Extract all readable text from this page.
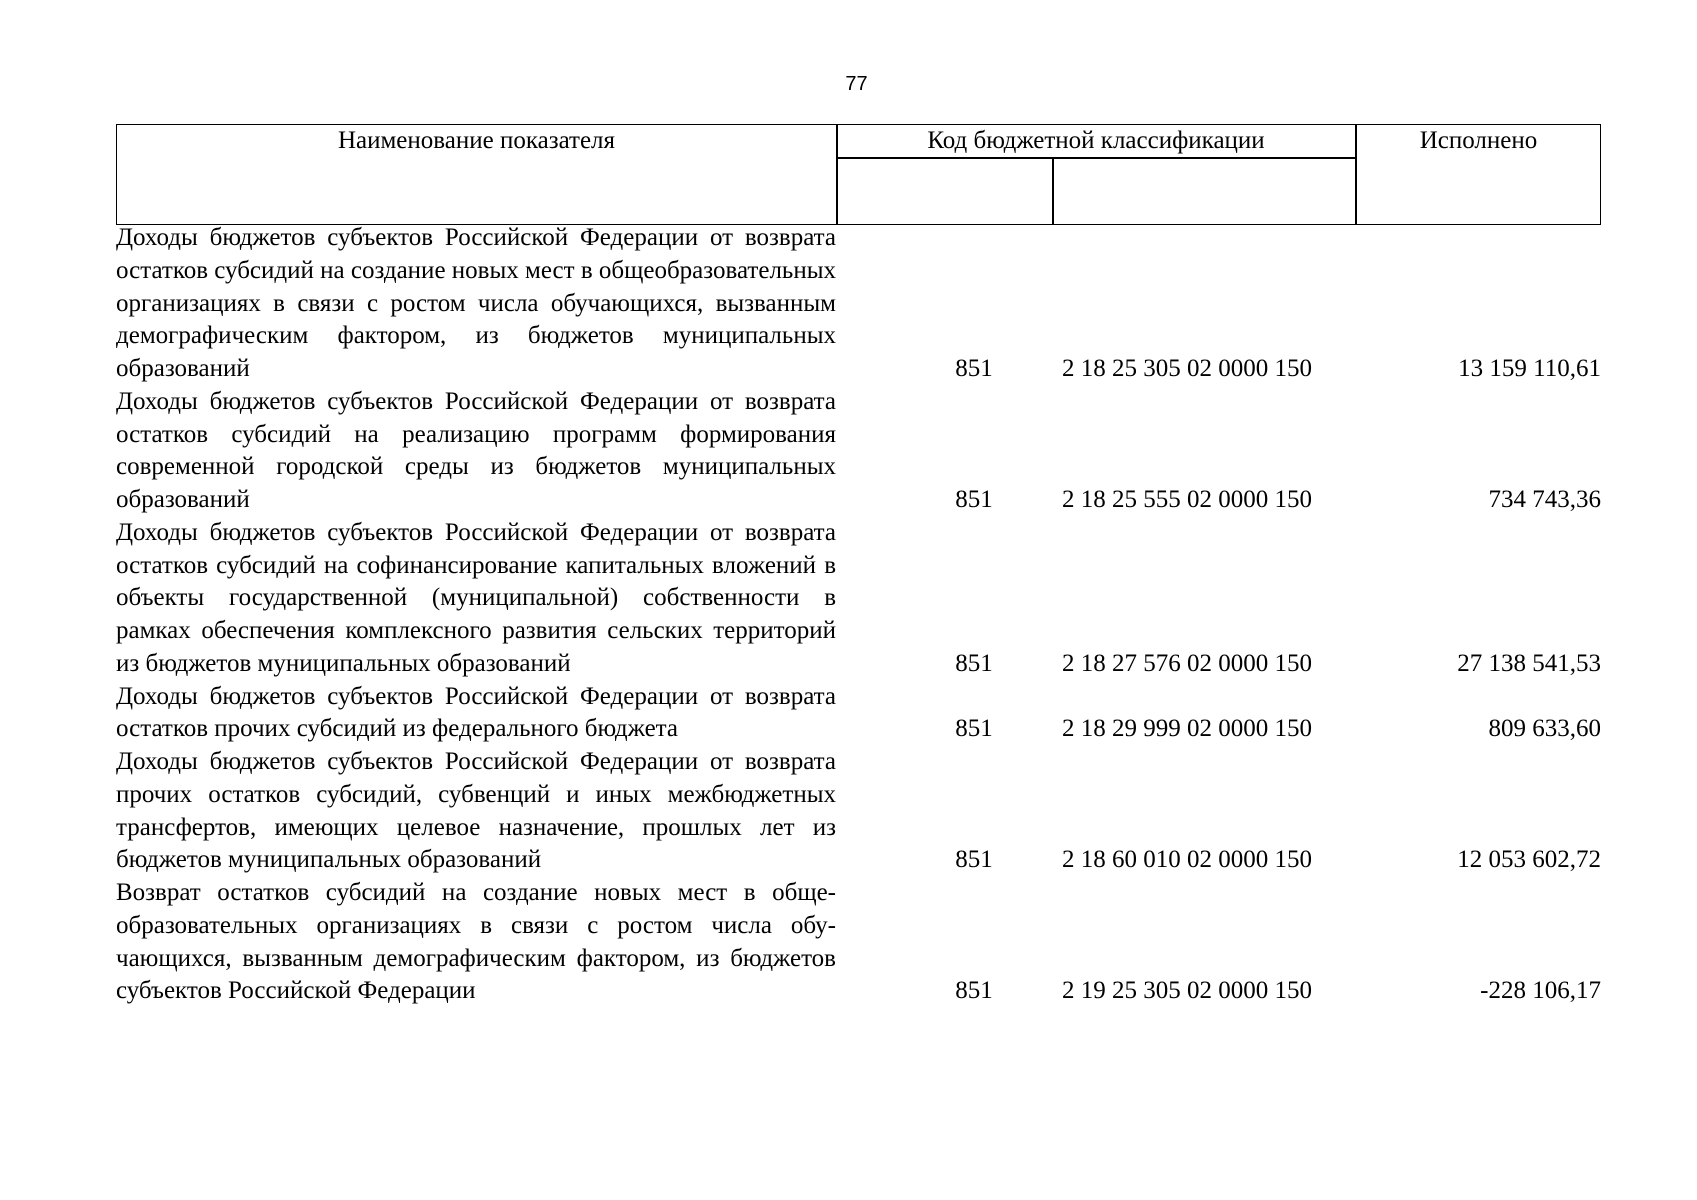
77
Наименование показателя	Код бюджетной классификации	Исполнено
Доходы бюджетов субъектов Российской Федерации от возврата остатков субсидий на создание новых мест в общеобразовательных организациях в связи с ростом числа обучающихся, вызванным демографическим фактором, из бюджетов муниципальных образований	851	2 18 25 305 02 0000 150	13 159 110,61
Доходы бюджетов субъектов Российской Федерации от возврата остатков субсидий на реализацию программ формирования современной городской среды из бюджетов муниципальных образований	851	2 18 25 555 02 0000 150	734 743,36
Доходы бюджетов субъектов Российской Федерации от возврата остатков субсидий на софинансирование капитальных вложений в объекты государственной (муниципальной) собственности в рамках обеспечения комплексного развития сельских территорий из бюджетов муниципальных образований	851	2 18 27 576 02 0000 150	27 138 541,53
Доходы бюджетов субъектов Российской Федерации от возврата остатков прочих субсидий из федерального бюджета	851	2 18 29 999 02 0000 150	809 633,60
Доходы бюджетов субъектов Российской Федерации от возврата прочих остатков субсидий, субвенций и иных межбюджетных трансфертов, имеющих целевое назначение, прошлых лет из бюджетов муниципальных образований	851	2 18 60 010 02 0000 150	12 053 602,72
Возврат остатков субсидий на создание новых мест в общеобразовательных организациях в связи с ростом числа обучающихся, вызванным демографическим фактором, из бюджетов субъектов Российской Федерации	851	2 19 25 305 02 0000 150	-228 106,17
